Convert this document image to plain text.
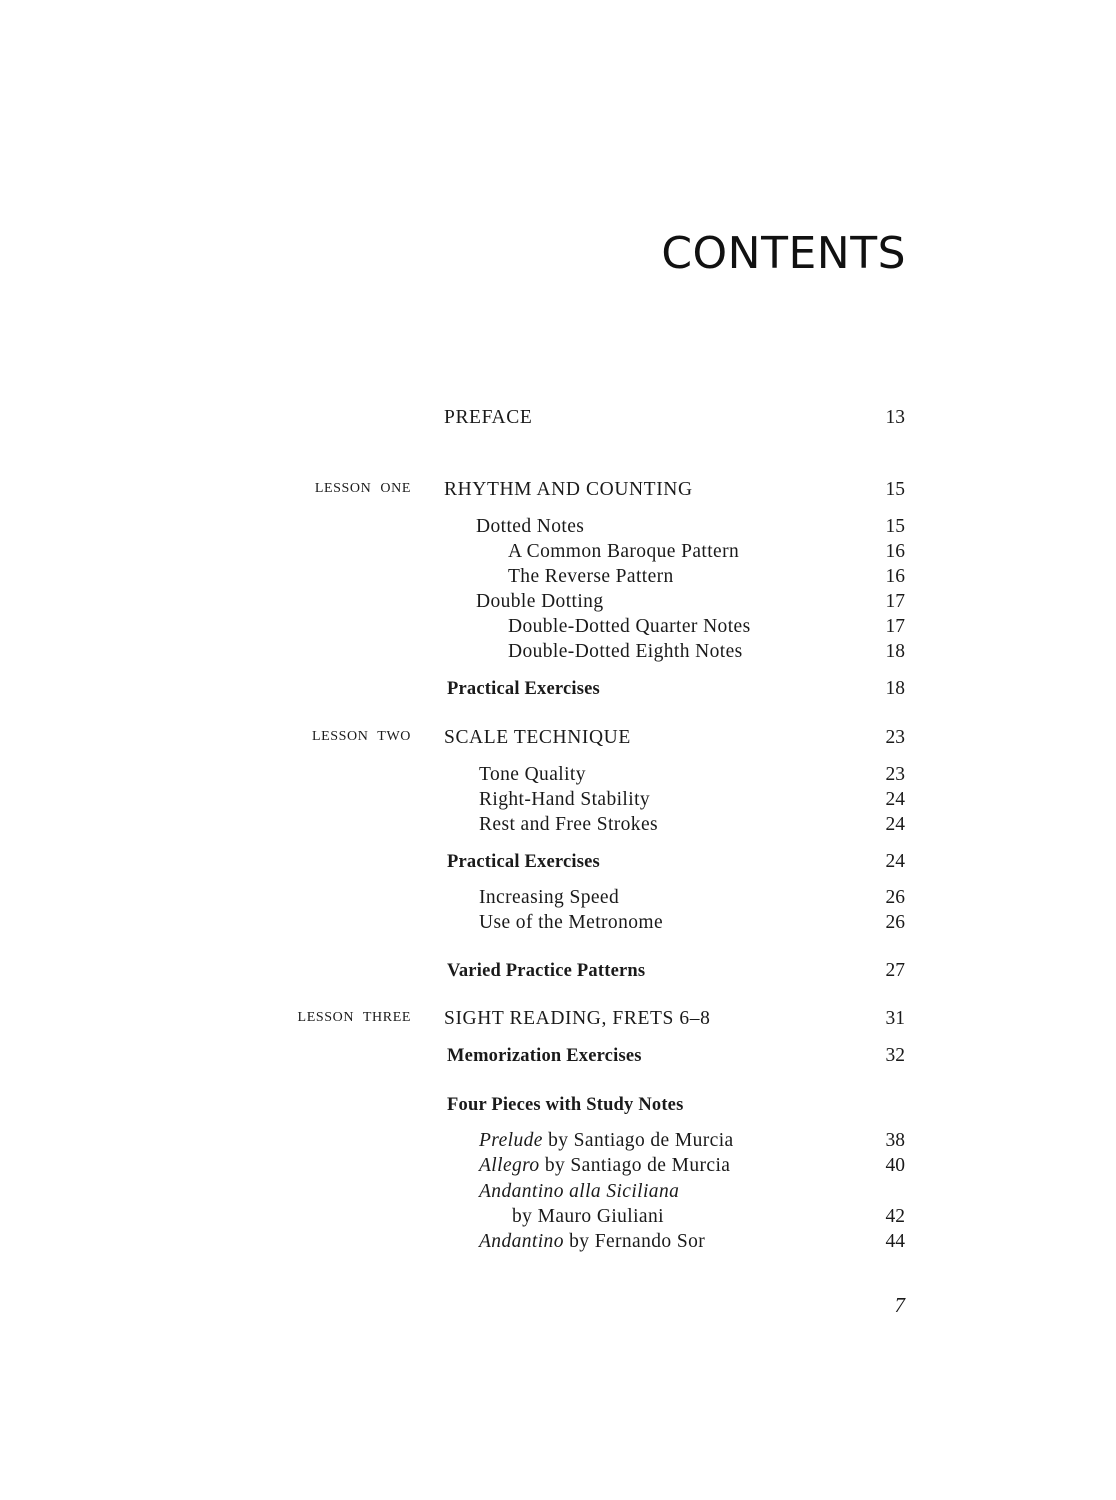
CONTENTS
PREFACE	13
LESSON ONE RHYTHM AND COUNTING	15
Dotted Notes	15
A Common Baroque Pattern	16
The Reverse Pattern	16
Double Dotting	17
Double-Dotted Quarter Notes	17
Double-Dotted Eighth Notes	18
Practical Exercises	18
LESSON TWO SCALE TECHNIQUE	23
Tone Quality	23
Right-Hand Stability	24
Rest and Free Strokes	24
Practical Exercises	24
Increasing Speed	26
Use of the Metronome	26
Varied Practice Patterns	27
LESSON THREE SIGHT READING, FRETS 6–8	31
Memorization Exercises	32
Four Pieces with Study Notes
Prelude by Santiago de Murcia	38
Allegro by Santiago de Murcia	40
Andantino alla Siciliana
by Mauro Giuliani	42
Andantino by Fernando Sor	44
7
